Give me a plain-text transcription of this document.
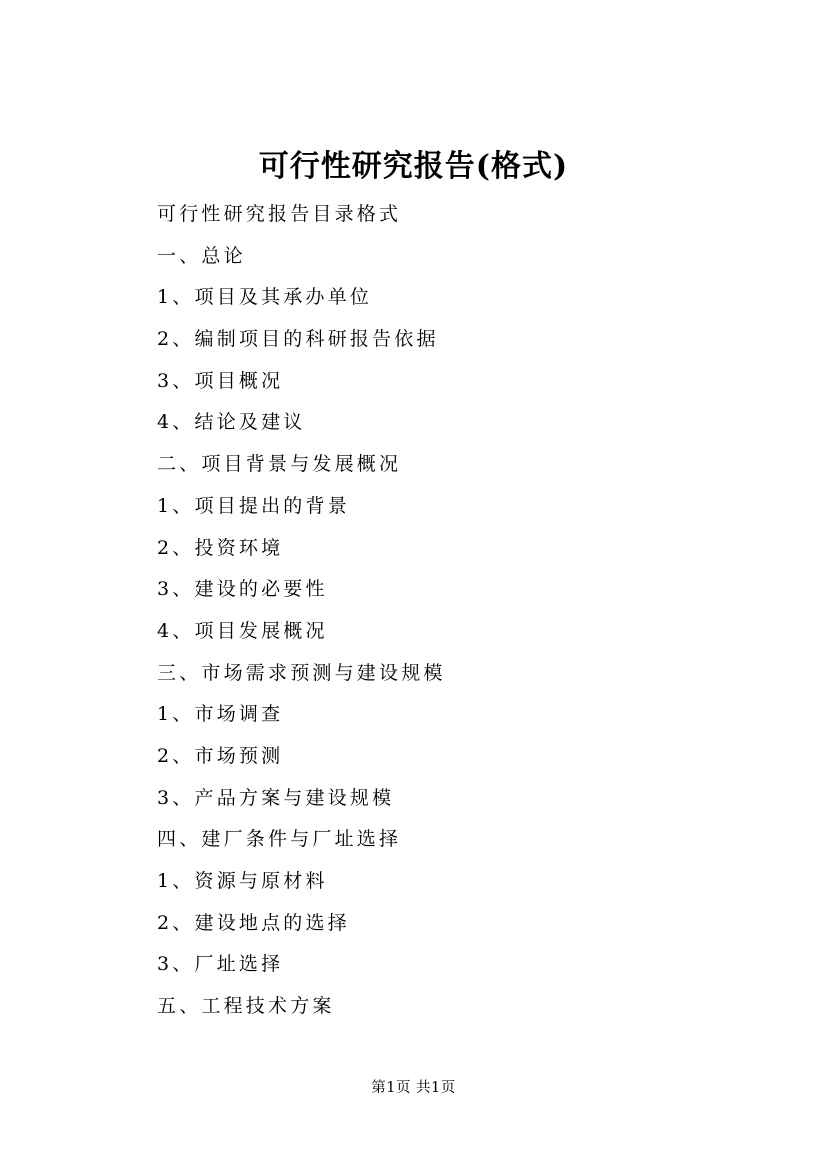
可行性研究报告(格式)
可行性研究报告目录格式
一、总论
1、项目及其承办单位
2、编制项目的科研报告依据
3、项目概况
4、结论及建议
二、项目背景与发展概况
1、项目提出的背景
2、投资环境
3、建设的必要性
4、项目发展概况
三、市场需求预测与建设规模
1、市场调查
2、市场预测
3、产品方案与建设规模
四、建厂条件与厂址选择
1、资源与原材料
2、建设地点的选择
3、厂址选择
五、工程技术方案
第1页 共1页
